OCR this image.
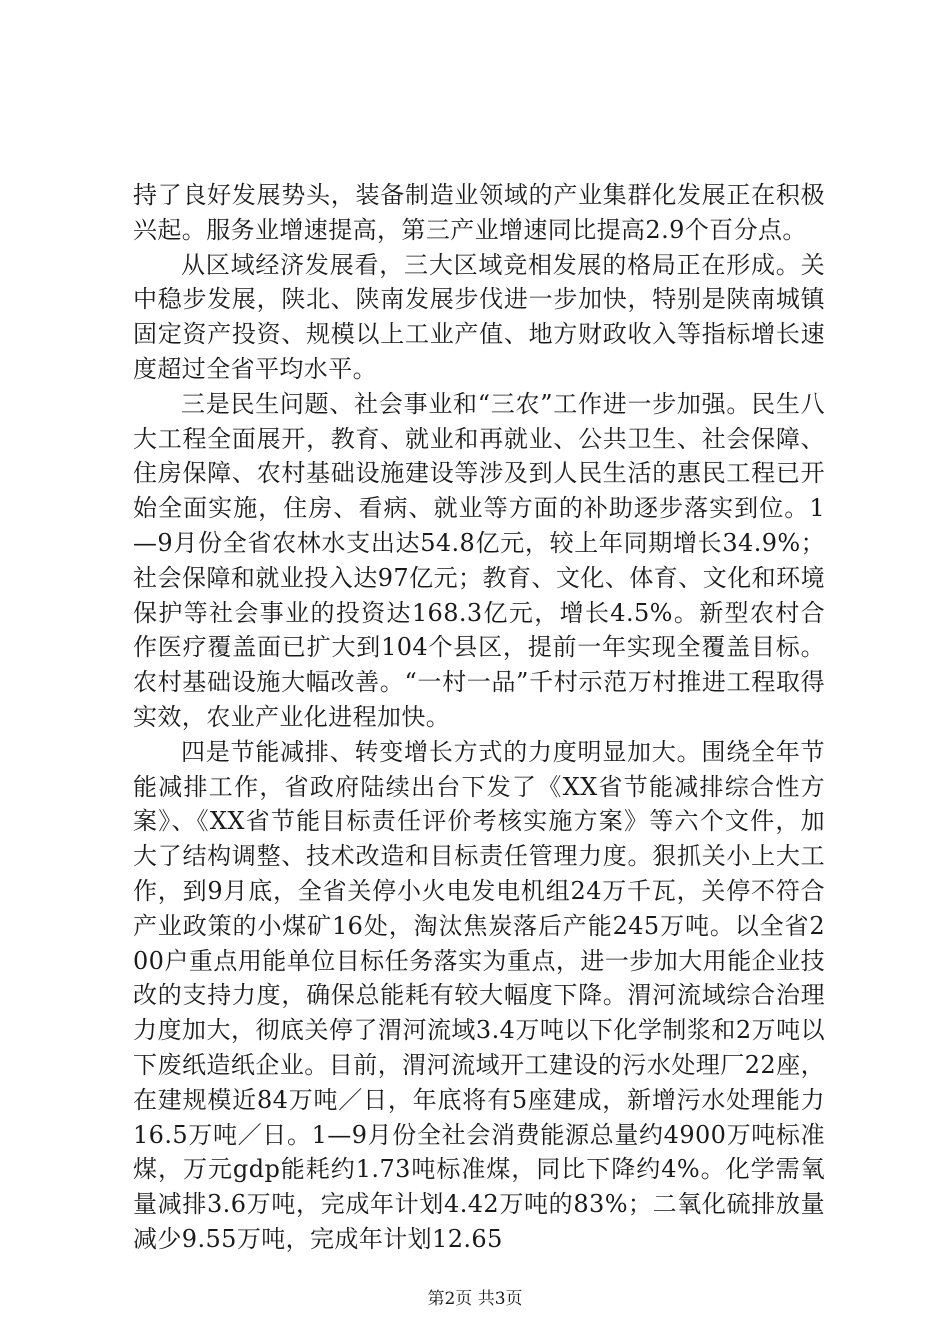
持了良好发展势头，装备制造业领域的产业集群化发展正在积极兴起。服务业增速提高，第三产业增速同比提高2.9个百分点。

从区域经济发展看，三大区域竞相发展的格局正在形成。关中稳步发展，陕北、陕南发展步伐进一步加快，特别是陕南城镇固定资产投资、规模以上工业产值、地方财政收入等指标增长速度超过全省平均水平。

三是民生问题、社会事业和“三农”工作进一步加强。民生八大工程全面展开，教育、就业和再就业、公共卫生、社会保障、住房保障、农村基础设施建设等涉及到人民生活的惠民工程已开始全面实施，住房、看病、就业等方面的补助逐步落实到位。1—9月份全省农林水支出达54.8亿元，较上年同期增长34.9%；社会保障和就业投入达97亿元；教育、文化、体育、文化和环境保护等社会事业的投资达168.3亿元，增长4.5%。新型农村合作医疗覆盖面已扩大到104个县区，提前一年实现全覆盖目标。农村基础设施大幅改善。“一村一品”千村示范万村推进工程取得实效，农业产业化进程加快。

四是节能减排、转变增长方式的力度明显加大。围绕全年节能减排工作，省政府陆续出台下发了《XX省节能减排综合性方案》、《XX省节能目标责任评价考核实施方案》等六个文件，加大了结构调整、技术改造和目标责任管理力度。狠抓关小上大工作，到9月底，全省关停小火电发电机组24万千瓦，关停不符合产业政策的小煤矿16处，淘汰焦炭落后产能245万吨。以全省200户重点用能单位目标任务落实为重点，进一步加大用能企业技改的支持力度，确保总能耗有较大幅度下降。渭河流域综合治理力度加大，彻底关停了渭河流域3.4万吨以下化学制浆和2万吨以下废纸造纸企业。目前，渭河流域开工建设的污水处理厂22座，在建规模近84万吨／日，年底将有5座建成，新增污水处理能力16.5万吨／日。1—9月份全社会消费能源总量约4900万吨标准煤，万元gdp能耗约1.73吨标准煤，同比下降约4%。化学需氧量减排3.6万吨，完成年计划4.42万吨的83%；二氧化硫排放量减少9.55万吨，完成年计划12.65

第2页 共3页
